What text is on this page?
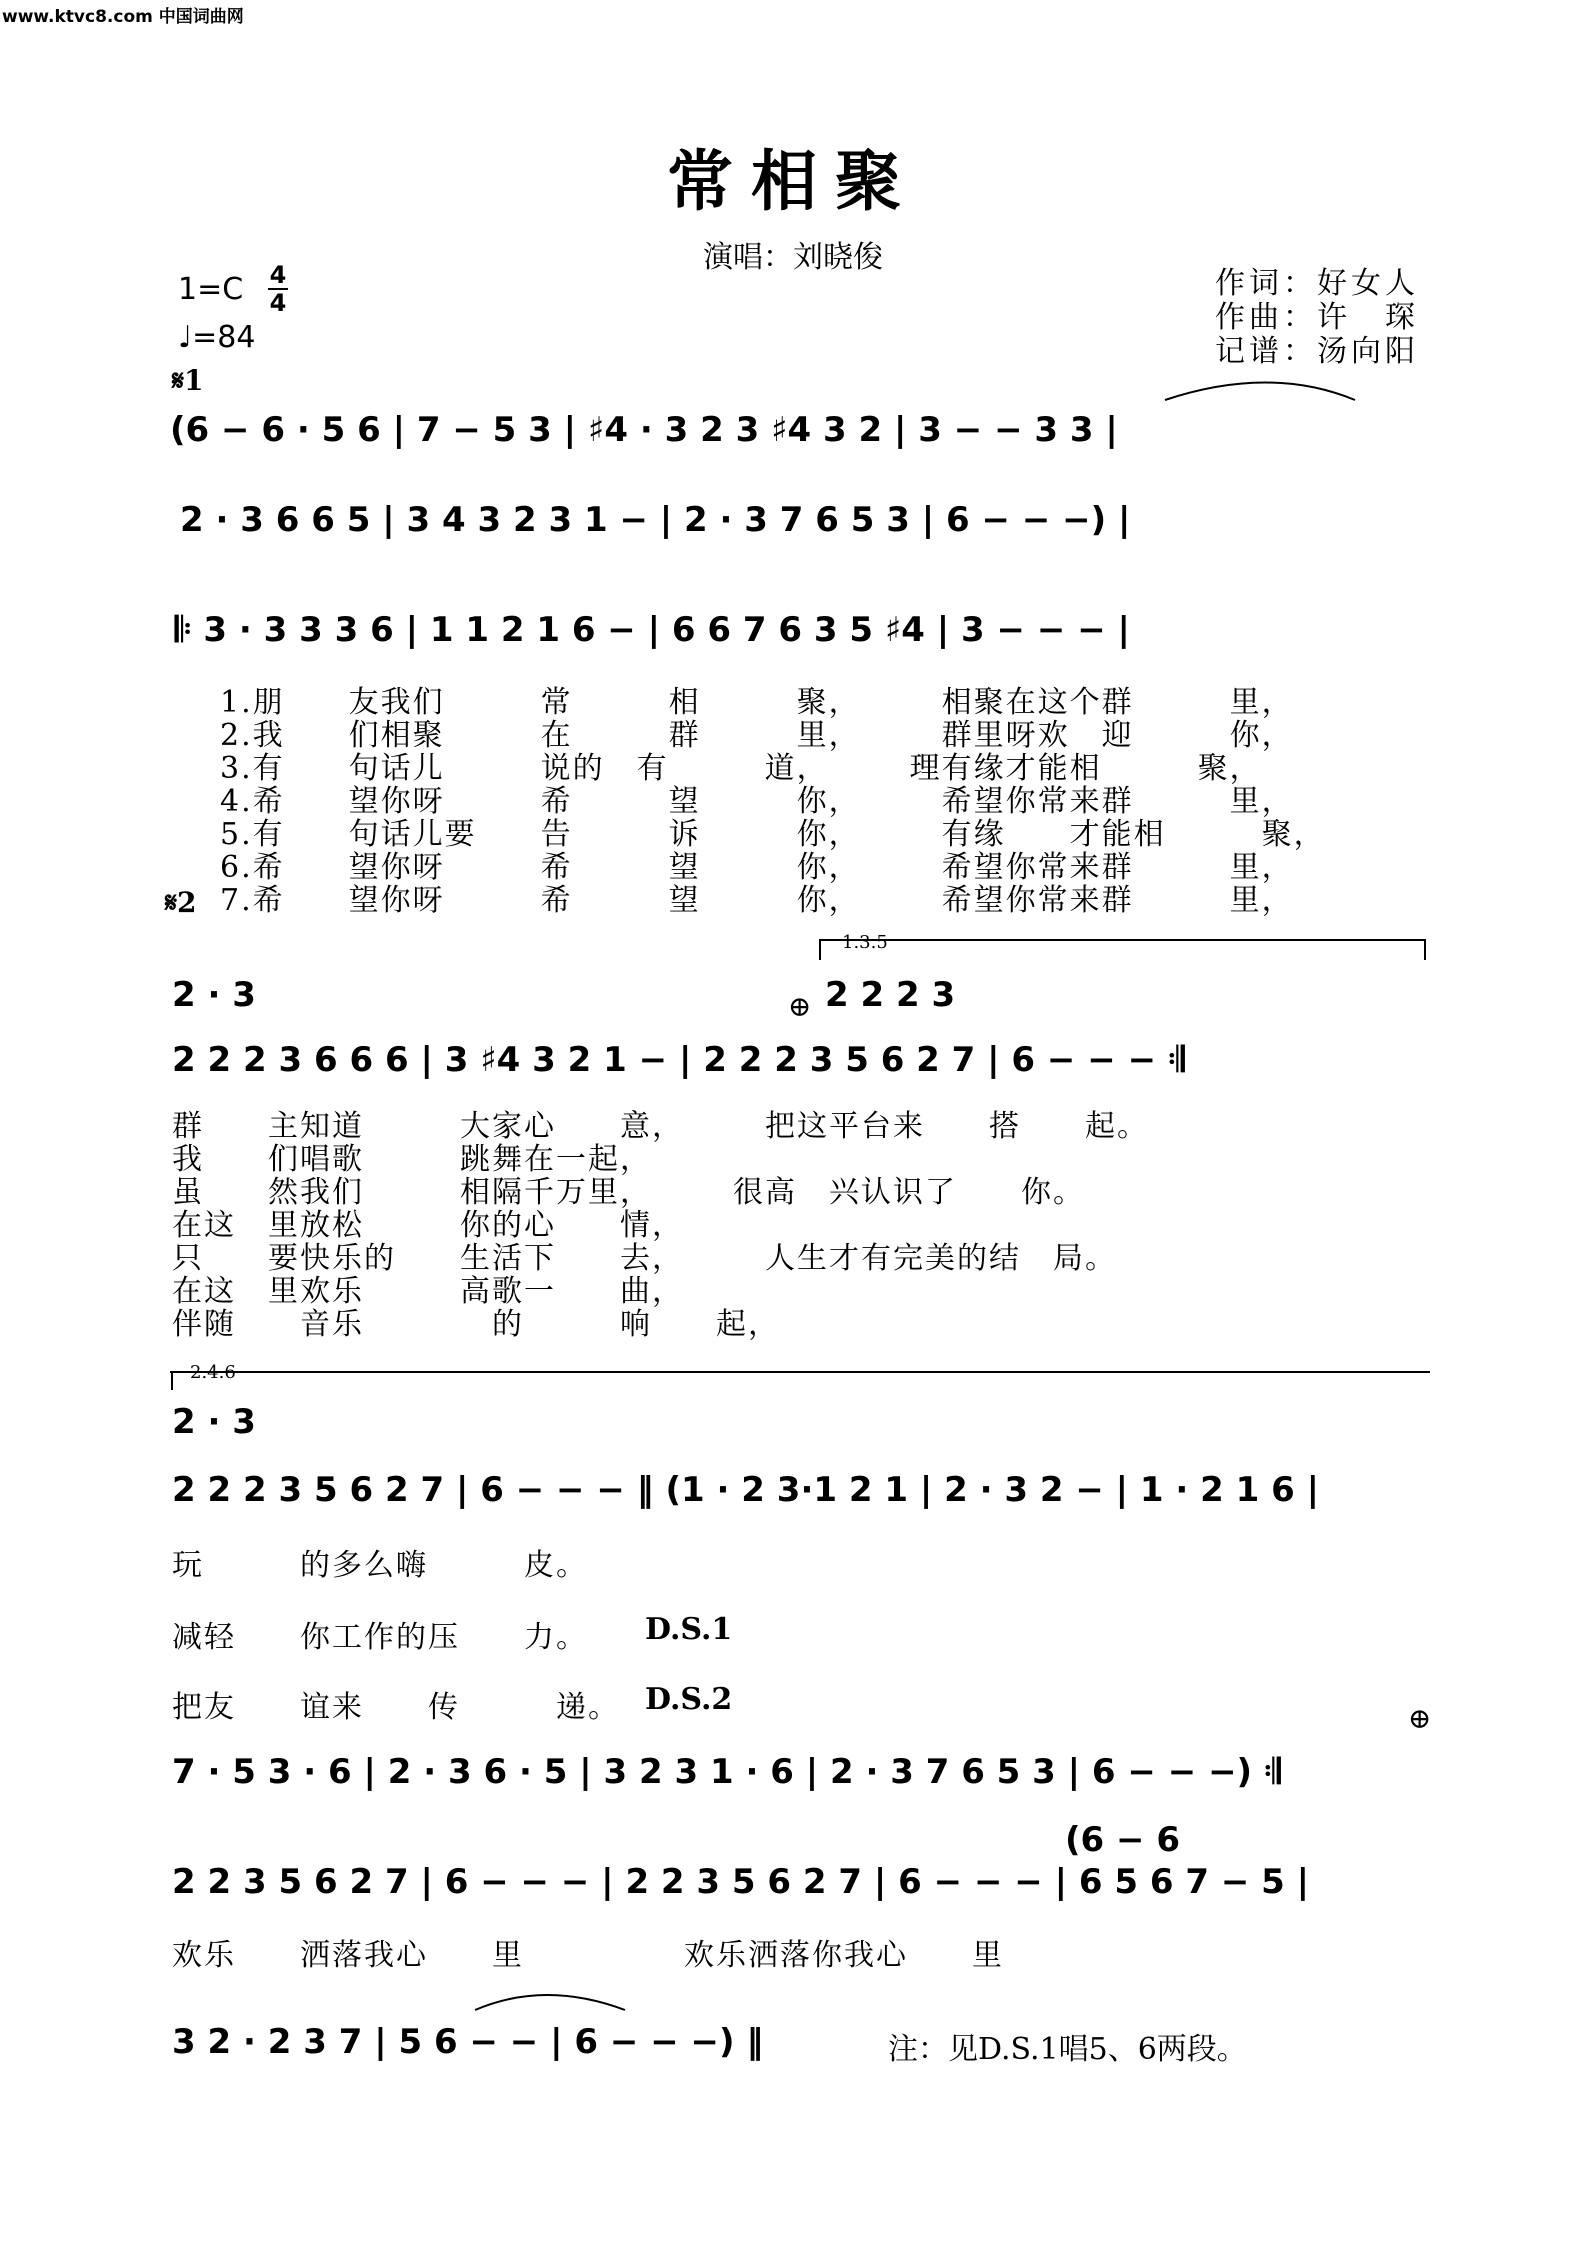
www.ktvc8.com 中国词曲网
常相聚
演唱：刘晓俊
作词：好女人
作曲：许　琛
记谱：汤向阳
1=C 4
4
♩=84
𝄋1
(6 − 6 · 5 6 | 7 − 5 3 | ♯4 · 3 2 3 ♯4 3 2 | 3 − − 3 3 |
2 · 3 6 6 5 | 3 4 3 2 3 1 − | 2 · 3 7 6 5 3 | 6 − − −) |
𝄆 3 · 3 3 3 6 | 1 1 2 1 6 − | 6 6 7 6 3 5 ♯4 | 3 − − − |
1.朋　　友我们　　　常　　　相　　　聚，　　　相聚在这个群　　　里，
2.我　　们相聚　　　在　　　群　　　里，　　　群里呀欢　迎　　　你，
3.有　　句话儿　　　说的　有　　　道，　　　理有缘才能相　　　聚，
4.希　　望你呀　　　希　　　望　　　你，　　　希望你常来群　　　里，
5.有　　句话儿要　　告　　　诉　　　你，　　　有缘　　才能相　　　聚，
6.希　　望你呀　　　希　　　望　　　你，　　　希望你常来群　　　里，
7.希　　望你呀　　　希　　　望　　　你，　　　希望你常来群　　　里，
𝄋2
1.3.5
2 · 3	2 2 2 3
⊕
2 2 2 3 6 6 6 | 3 ♯4 3 2 1 − | 2 2 2 3 5 6 2 7 | 6 − − − 𝄇
群　　主知道　　　大家心　　意，　　　把这平台来　　搭　　起。
我　　们唱歌　　　跳舞在一起，
虽　　然我们　　　相隔千万里，　　　很高　兴认识了　　你。
在这　里放松　　　你的心　　情，
只　　要快乐的　　生活下　　去，　　　人生才有完美的结　局。
在这　里欢乐　　　高歌一　　曲，
伴随　　音乐　　　　的　　　响　　起，
2.4.6
2 · 3
2 2 2 3 5 6 2 7 | 6 − − − ‖ (1 · 2 3·1 2 1 | 2 · 3 2 − | 1 · 2 1 6 |
玩　　　的多么嗨　　　皮。
减轻　　你工作的压　　力。 D.S.1
把友　　谊来　　传　　　递。 D.S.2
⊕
7 · 5 3 · 6 | 2 · 3 6 · 5 | 3 2 3 1 · 6 | 2 · 3 7 6 5 3 | 6 − − −) 𝄇
(6 − 6
2 2 3 5 6 2 7 | 6 − − − | 2 2 3 5 6 2 7 | 6 − − − | 6 5 6 7 − 5 |
欢乐　　洒落我心　　里　　　　　欢乐洒落你我心　　里
3 2 · 2 3 7 | 5 6 − − | 6 − − −) ‖	注：见D.S.1唱5、6两段。
